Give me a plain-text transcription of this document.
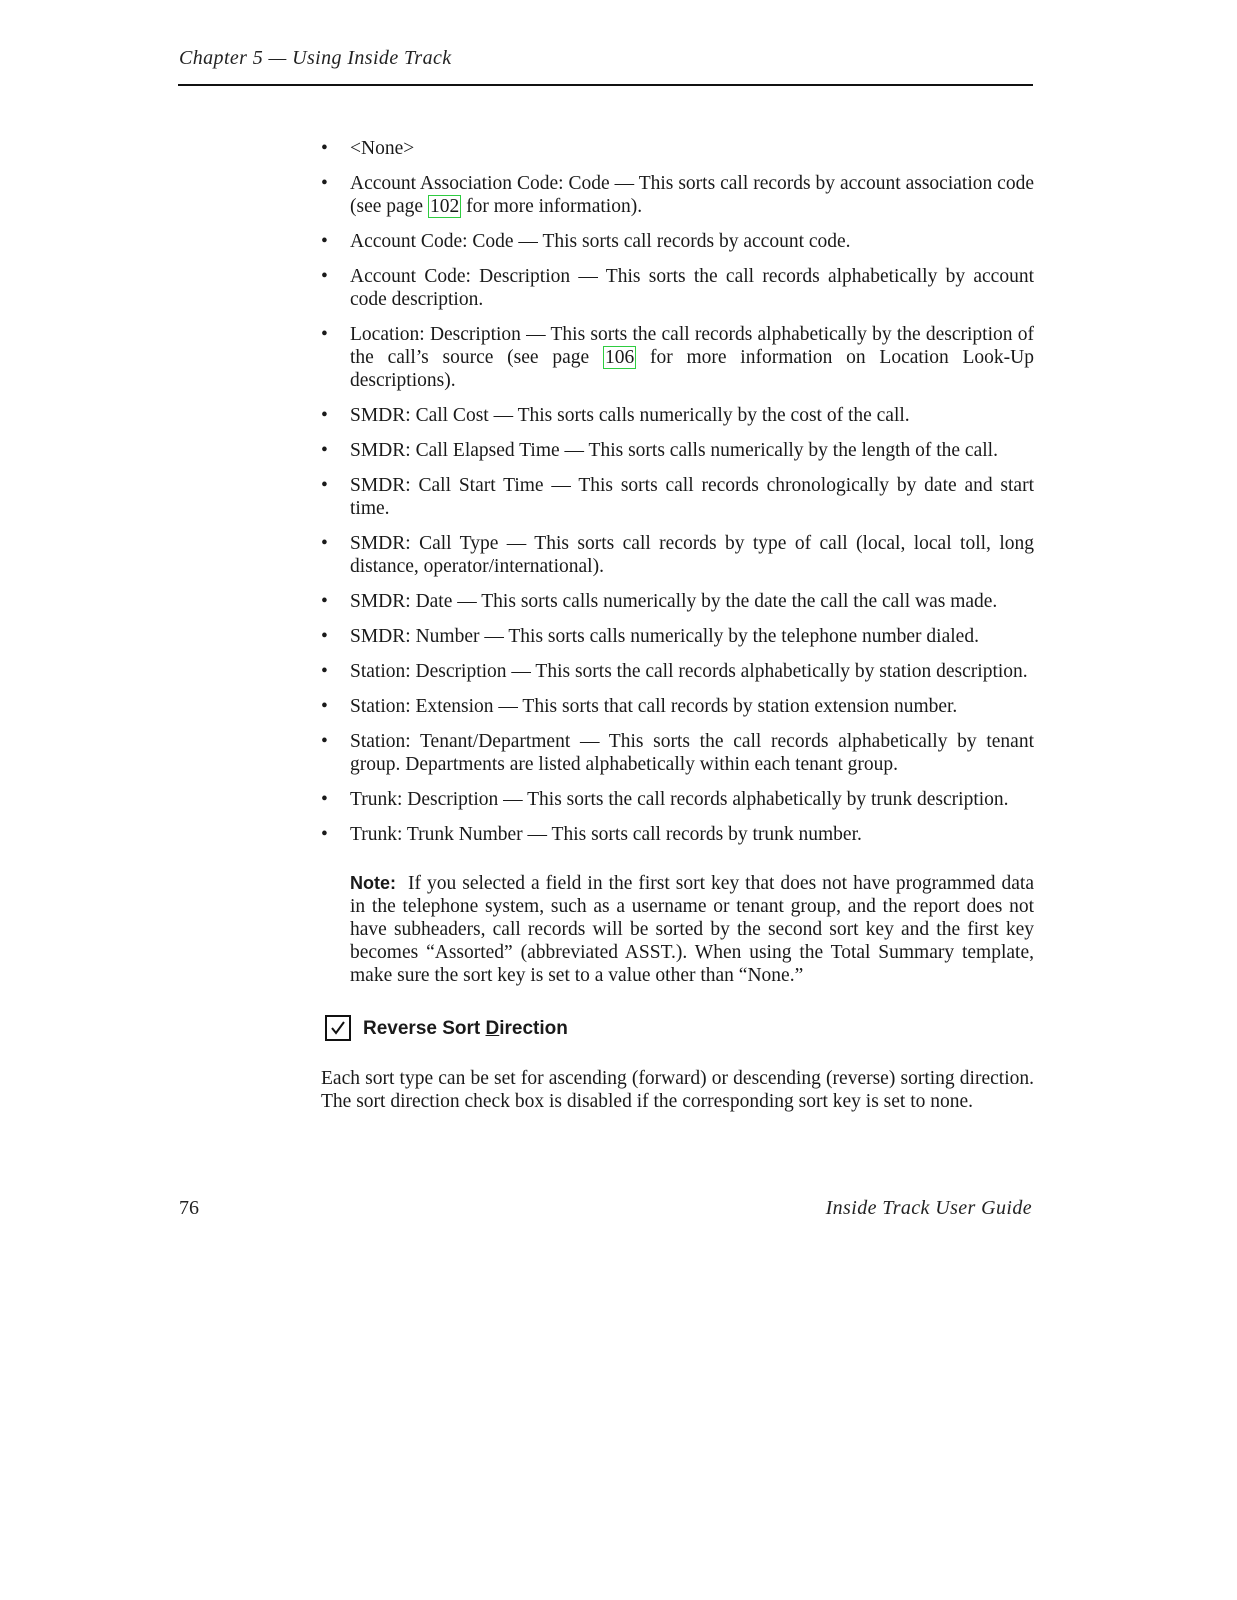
Chapter 5 — Using Inside Track
• <None>
• Account Association Code: Code — This sorts call records by account association code (see page 102 for more information).
• Account Code: Code — This sorts call records by account code.
• Account Code: Description — This sorts the call records alphabetically by account code description.
• Location: Description — This sorts the call records alphabetically by the description of the call’s source (see page 106 for more information on Location Look-Up descriptions).
• SMDR: Call Cost — This sorts calls numerically by the cost of the call.
• SMDR: Call Elapsed Time — This sorts calls numerically by the length of the call.
• SMDR: Call Start Time — This sorts call records chronologically by date and start time.
• SMDR: Call Type — This sorts call records by type of call (local, local toll, long distance, operator/international).
• SMDR: Date — This sorts calls numerically by the date the call the call was made.
• SMDR: Number — This sorts calls numerically by the telephone number dialed.
• Station: Description — This sorts the call records alphabetically by station description.
• Station: Extension — This sorts that call records by station extension number.
• Station: Tenant/Department — This sorts the call records alphabetically by tenant group. Departments are listed alphabetically within each tenant group.
• Trunk: Description — This sorts the call records alphabetically by trunk description.
• Trunk: Trunk Number — This sorts call records by trunk number.
Note: If you selected a field in the first sort key that does not have programmed data in the telephone system, such as a username or tenant group, and the report does not have subheaders, call records will be sorted by the second sort key and the first key becomes “Assorted” (abbreviated ASST.). When using the Total Summary template, make sure the sort key is set to a value other than “None.”
Reverse Sort Direction
Each sort type can be set for ascending (forward) or descending (reverse) sorting direction. The sort direction check box is disabled if the corresponding sort key is set to none.
76	Inside Track User Guide
